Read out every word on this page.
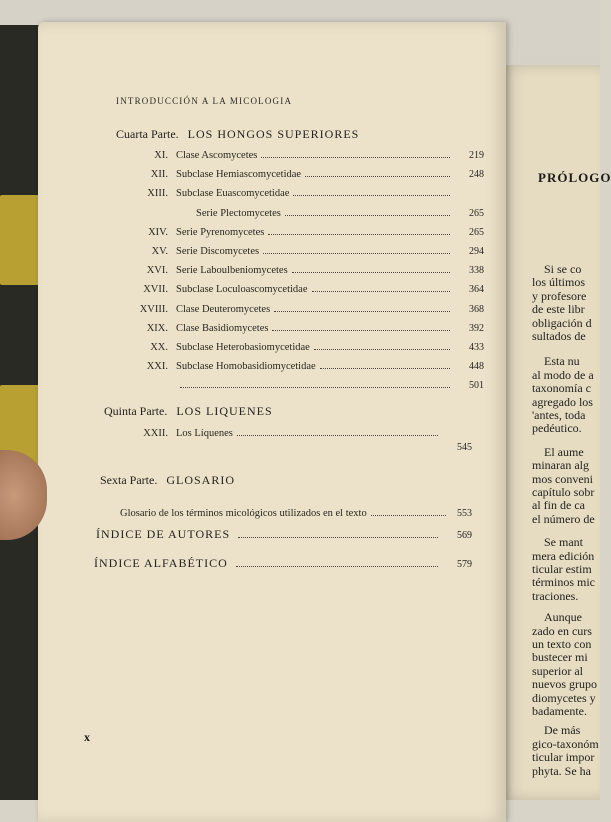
PRÓLOGO
Si se co
los últimos
y profesore
de este libr
obligación d
sultados de
Esta nu
al modo de a
taxonomía c
agregado los
'antes, toda
pedéutico.
El aume
minaran alg
mos conveni
capítulo sobr
al fin de ca
el número de
Se mant
mera edición
ticular estim
términos mic
traciones.
Aunque
zado en curs
un texto con
bustecer mi
superior al
nuevos grupo
diomycetes y
badamente.
De más
gico-taxonóm
ticular impor
phyta. Se ha
INTRODUCCIÓN A LA MICOLOGIA
Cuarta Parte. LOS HONGOS SUPERIORES
XI. Clase Ascomycetes	219
XII. Subclase Hemiascomycetidae	248
XIII. Subclase Euascomycetidae
Serie Plectomycetes	265
XIV. Serie Pyrenomycetes	265
XV. Serie Discomycetes	294
XVI. Serie Laboulbeniomycetes	338
XVII. Subclase Loculoascomycetidae	364
XVIII. Clase Deuteromycetes	368
XIX. Clase Basidiomycetes	392
XX. Subclase Heterobasiomycetidae	433
XXI. Subclase Homobasidiomycetidae	448
501
Quinta Parte. LOS LIQUENES
XXII. Los Líquenes
545
Sexta Parte. GLOSARIO
Glosario de los términos micológicos utilizados en el texto	553
ÍNDICE DE AUTORES	569
ÍNDICE ALFABÉTICO	579
x
